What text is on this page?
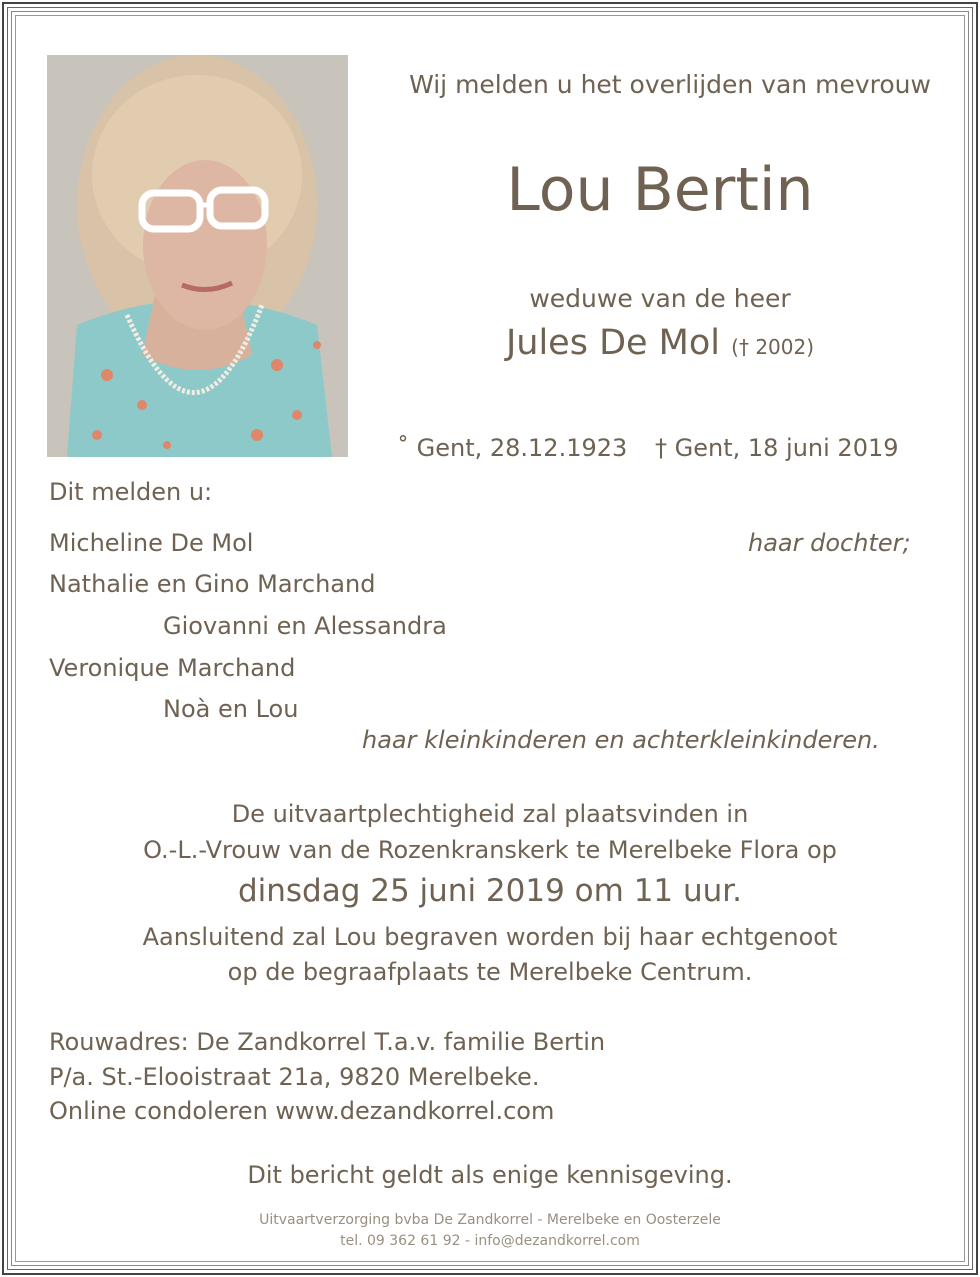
Wij melden u het overlijden van mevrouw
Lou Bertin
weduwe van de heer
Jules De Mol († 2002)
˚ Gent, 28.12.1923 † Gent, 18 juni 2019
Dit melden u:
Micheline De Mol	haar dochter;
Nathalie en Gino Marchand
Giovanni en Alessandra
Veronique Marchand
Noà en Lou
haar kleinkinderen en achterkleinkinderen.
De uitvaartplechtigheid zal plaatsvinden in
O.-L.-Vrouw van de Rozenkranskerk te Merelbeke Flora op
dinsdag 25 juni 2019 om 11 uur.
Aansluitend zal Lou begraven worden bij haar echtgenoot
op de begraafplaats te Merelbeke Centrum.
Rouwadres: De Zandkorrel T.a.v. familie Bertin
P/a. St.-Elooistraat 21a, 9820 Merelbeke.
Online condoleren www.dezandkorrel.com
Dit bericht geldt als enige kennisgeving.
Uitvaartverzorging bvba De Zandkorrel - Merelbeke en Oosterzele
tel. 09 362 61 92 - info@dezandkorrel.com
